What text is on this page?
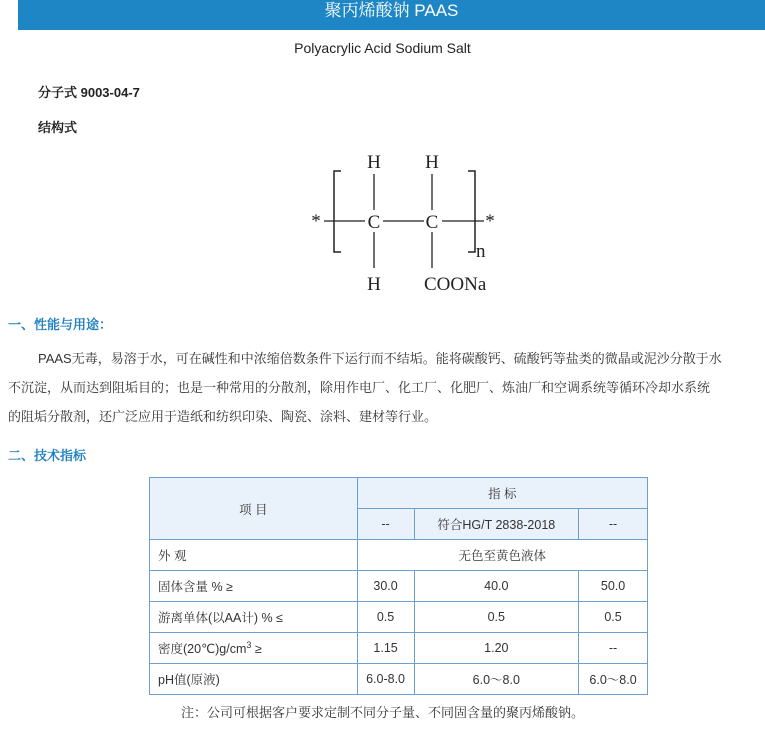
聚丙烯酸钠 PAAS
Polyacrylic Acid Sodium Salt
分子式 9003-04-7
结构式
H H
*	*
C C
n
H COONa
一、性能与用途：
PAAS无毒，易溶于水，可在碱性和中浓缩倍数条件下运行而不结垢。能将碳酸钙、硫酸钙等盐类的微晶或泥沙分散于水
不沉淀，从而达到阻垢目的；也是一种常用的分散剂，除用作电厂、化工厂、化肥厂、炼油厂和空调系统等循环冷却水系统
的阻垢分散剂，还广泛应用于造纸和纺织印染、陶瓷、涂料、建材等行业。
二、技术指标
项 目	指 标		
	--	符合HG/T 2838-2018	--
外 观	无色至黄色液体		
固体含量 % ≥	30.0	40.0	50.0
游离单体(以AA计) % ≤	0.5	0.5	0.5
密度$(20℃)g/cm^3$ ≥	1.15	1.20	--
pH值(原液)	6.0-8.0	6.0～8.0	6.0～8.0
注：公司可根据客户要求定制不同分子量、不同固含量的聚丙烯酸钠。
